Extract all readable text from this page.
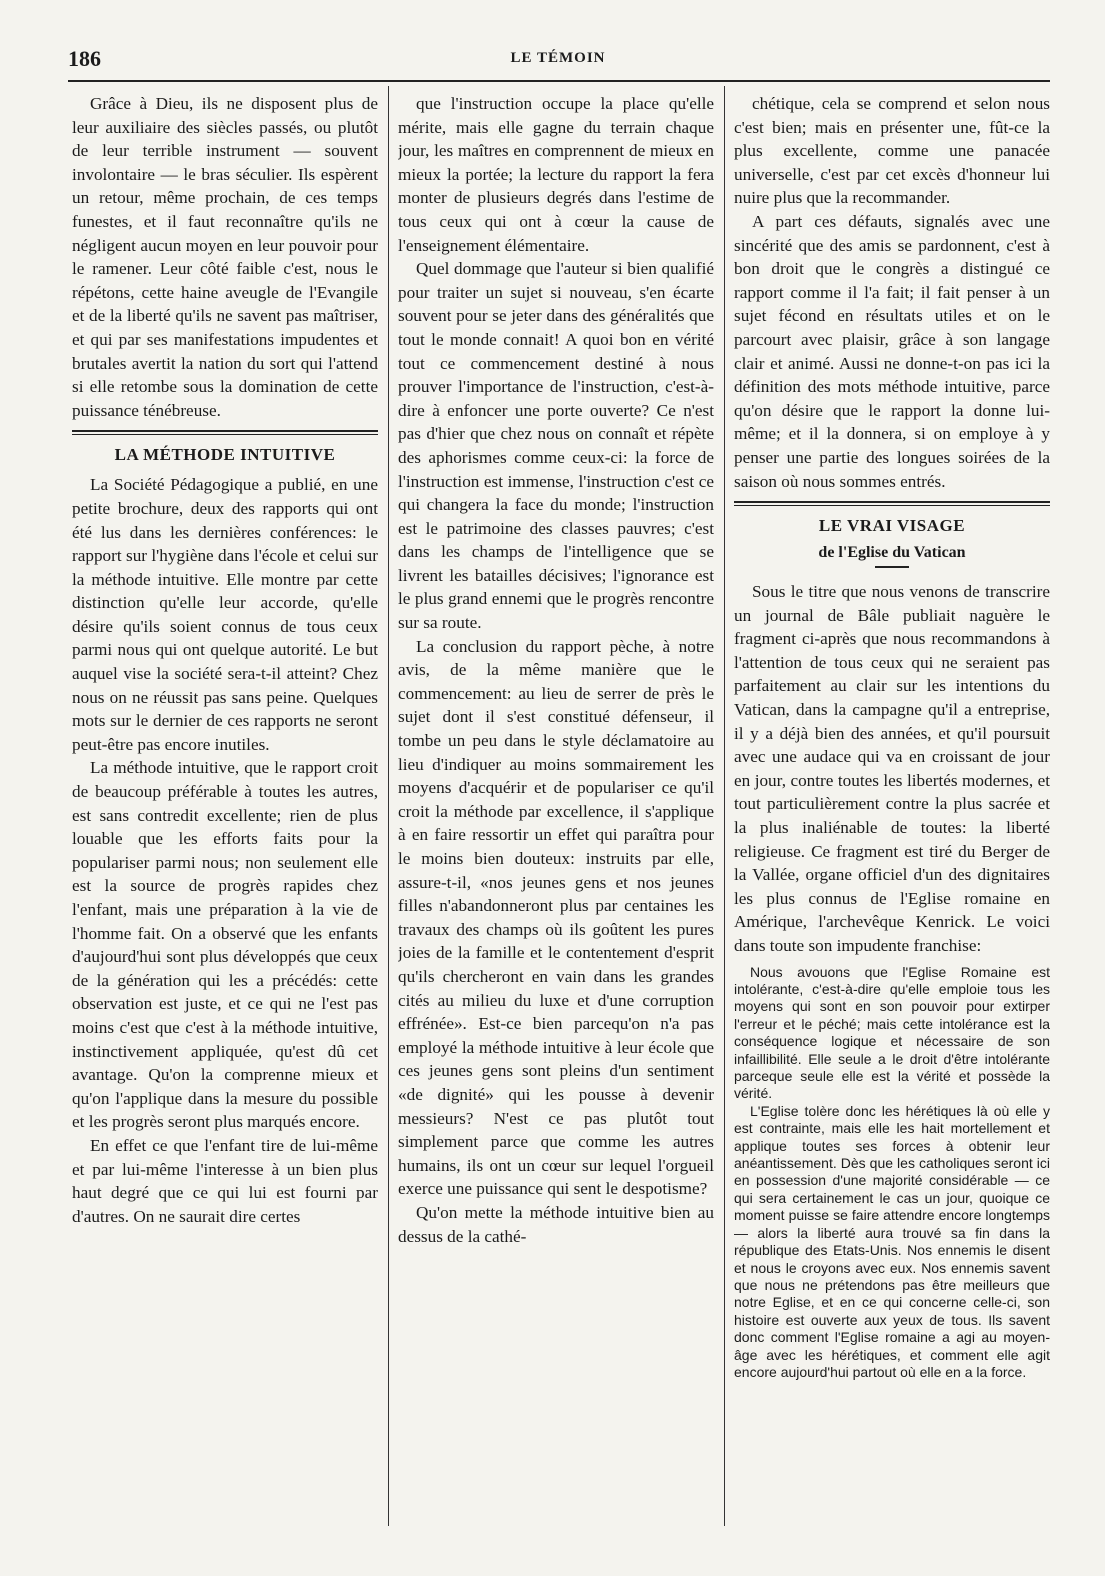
186	LE TÉMOIN

Grâce à Dieu, ils ne disposent plus de leur auxiliaire des siècles passés, ou plutôt de leur terrible instrument — souvent involontaire — le bras séculier. Ils espèrent un retour, même prochain, de ces temps funestes, et il faut reconnaître qu'ils ne négligent aucun moyen en leur pouvoir pour le ramener. Leur côté faible c'est, nous le répétons, cette haine aveugle de l'Evangile et de la liberté qu'ils ne savent pas maîtriser, et qui par ses manifestations impudentes et brutales avertit la nation du sort qui l'attend si elle retombe sous la domination de cette puissance ténébreuse.

LA MÉTHODE INTUITIVE

La Société Pédagogique a publié, en une petite brochure, deux des rapports qui ont été lus dans les dernières conférences: le rapport sur l'hygiène dans l'école et celui sur la méthode intuitive. Elle montre par cette distinction qu'elle leur accorde, qu'elle désire qu'ils soient connus de tous ceux parmi nous qui ont quelque autorité. Le but auquel vise la société sera-t-il atteint? Chez nous on ne réussit pas sans peine. Quelques mots sur le dernier de ces rapports ne seront peut-être pas encore inutiles.

La méthode intuitive, que le rapport croit de beaucoup préférable à toutes les autres, est sans contredit excellente; rien de plus louable que les efforts faits pour la populariser parmi nous; non seulement elle est la source de progrès rapides chez l'enfant, mais une préparation à la vie de l'homme fait. On a observé que les enfants d'aujourd'hui sont plus développés que ceux de la génération qui les a précédés: cette observation est juste, et ce qui ne l'est pas moins c'est que c'est à la méthode intuitive, instinctivement appliquée, qu'est dû cet avantage. Qu'on la comprenne mieux et qu'on l'applique dans la mesure du possible et les progrès seront plus marqués encore.

En effet ce que l'enfant tire de lui-même et par lui-même l'interesse à un bien plus haut degré que ce qui lui est fourni par d'autres. On ne saurait dire certes

que l'instruction occupe la place qu'elle mérite, mais elle gagne du terrain chaque jour, les maîtres en comprennent de mieux en mieux la portée; la lecture du rapport la fera monter de plusieurs degrés dans l'estime de tous ceux qui ont à cœur la cause de l'enseignement élémentaire.

Quel dommage que l'auteur si bien qualifié pour traiter un sujet si nouveau, s'en écarte souvent pour se jeter dans des généralités que tout le monde connait! A quoi bon en vérité tout ce commencement destiné à nous prouver l'importance de l'instruction, c'est-à-dire à enfoncer une porte ouverte? Ce n'est pas d'hier que chez nous on connaît et répète des aphorismes comme ceux-ci: la force de l'instruction est immense, l'instruction c'est ce qui changera la face du monde; l'instruction est le patrimoine des classes pauvres; c'est dans les champs de l'intelligence que se livrent les batailles décisives; l'ignorance est le plus grand ennemi que le progrès rencontre sur sa route.

La conclusion du rapport pèche, à notre avis, de la même manière que le commencement: au lieu de serrer de près le sujet dont il s'est constitué défenseur, il tombe un peu dans le style déclamatoire au lieu d'indiquer au moins sommairement les moyens d'acquérir et de populariser ce qu'il croit la méthode par excellence, il s'applique à en faire ressortir un effet qui paraîtra pour le moins bien douteux: instruits par elle, assure-t-il, «nos jeunes gens et nos jeunes filles n'abandonneront plus par centaines les travaux des champs où ils goûtent les pures joies de la famille et le contentement d'esprit qu'ils chercheront en vain dans les grandes cités au milieu du luxe et d'une corruption effrénée». Est-ce bien parcequ'on n'a pas employé la méthode intuitive à leur école que ces jeunes gens sont pleins d'un sentiment «de dignité» qui les pousse à devenir messieurs? N'est ce pas plutôt tout simplement parce que comme les autres humains, ils ont un cœur sur lequel l'orgueil exerce une puissance qui sent le despotisme?

Qu'on mette la méthode intuitive bien au dessus de la cathé-

chétique, cela se comprend et selon nous c'est bien; mais en présenter une, fût-ce la plus excellente, comme une panacée universelle, c'est par cet excès d'honneur lui nuire plus que la recommander.

A part ces défauts, signalés avec une sincérité que des amis se pardonnent, c'est à bon droit que le congrès a distingué ce rapport comme il l'a fait; il fait penser à un sujet fécond en résultats utiles et on le parcourt avec plaisir, grâce à son langage clair et animé. Aussi ne donne-t-on pas ici la définition des mots méthode intuitive, parce qu'on désire que le rapport la donne lui-même; et il la donnera, si on employe à y penser une partie des longues soirées de la saison où nous sommes entrés.

LE VRAI VISAGE
de l'Eglise du Vatican

Sous le titre que nous venons de transcrire un journal de Bâle publiait naguère le fragment ci-après que nous recommandons à l'attention de tous ceux qui ne seraient pas parfaitement au clair sur les intentions du Vatican, dans la campagne qu'il a entreprise, il y a déjà bien des années, et qu'il poursuit avec une audace qui va en croissant de jour en jour, contre toutes les libertés modernes, et tout particulièrement contre la plus sacrée et la plus inaliénable de toutes: la liberté religieuse. Ce fragment est tiré du Berger de la Vallée, organe officiel d'un des dignitaires les plus connus de l'Eglise romaine en Amérique, l'archevêque Kenrick. Le voici dans toute son impudente franchise:

Nous avouons que l'Eglise Romaine est intolérante, c'est-à-dire qu'elle emploie tous les moyens qui sont en son pouvoir pour extirper l'erreur et le péché; mais cette intolérance est la conséquence logique et nécessaire de son infaillibilité. Elle seule a le droit d'être intolérante parceque seule elle est la vérité et possède la vérité.

L'Eglise tolère donc les hérétiques là où elle y est contrainte, mais elle les hait mortellement et applique toutes ses forces à obtenir leur anéantissement. Dès que les catholiques seront ici en possession d'une majorité considérable — ce qui sera certainement le cas un jour, quoique ce moment puisse se faire attendre encore longtemps — alors la liberté aura trouvé sa fin dans la république des Etats-Unis. Nos ennemis le disent et nous le croyons avec eux. Nos ennemis savent que nous ne prétendons pas être meilleurs que notre Eglise, et en ce qui concerne celle-ci, son histoire est ouverte aux yeux de tous. Ils savent donc comment l'Eglise romaine a agi au moyen-âge avec les hérétiques, et comment elle agit encore aujourd'hui partout où elle en a la force.
